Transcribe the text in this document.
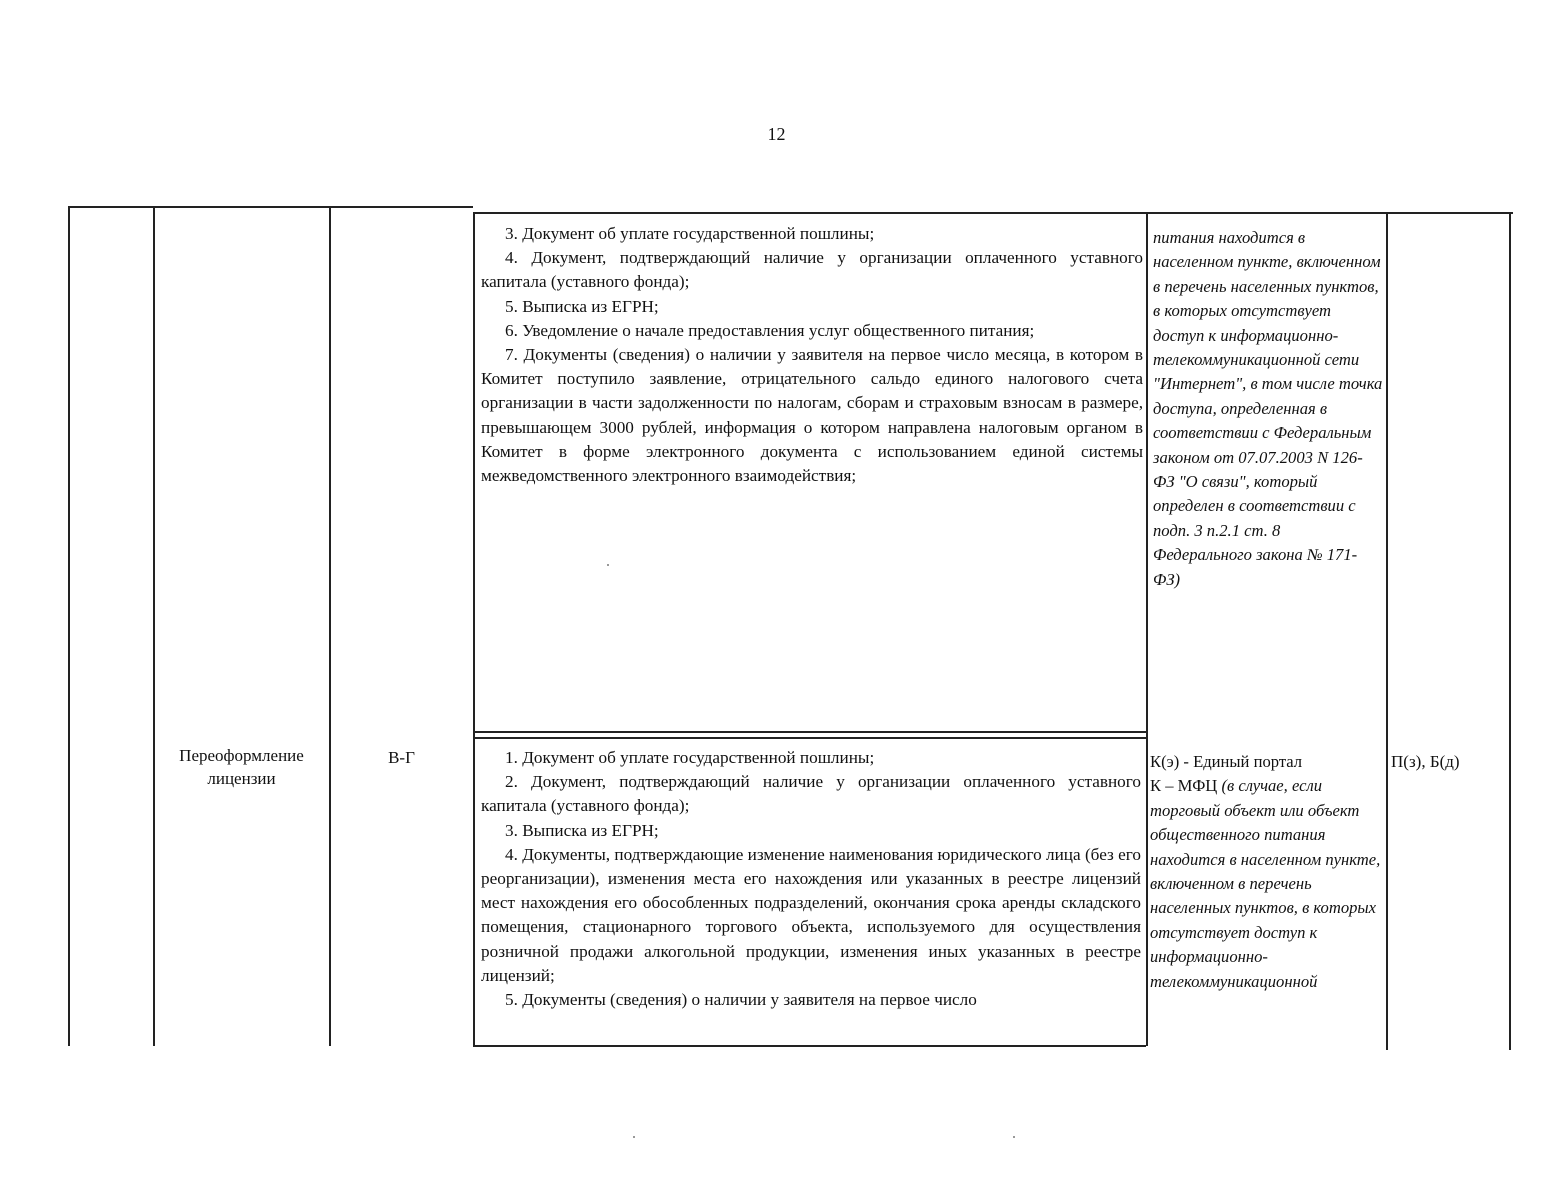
12

3. Документ об уплате государственной пошлины;

4. Документ, подтверждающий наличие у организации оплаченного уставного капитала (уставного фонда);

5. Выписка из ЕГРН;

6. Уведомление о начале предоставления услуг общественного питания;

7. Документы (сведения) о наличии у заявителя на первое число месяца, в котором в Комитет поступило заявление, отрицательного сальдо единого налогового счета организации в части задолженности по налогам, сборам и страховым взносам в размере, превышающем 3000 рублей, информация о котором направлена налоговым органом в Комитет в форме электронного документа с использованием единой системы межведомственного электронного взаимодействия;

питания находится в населенном пункте, включенном в перечень населенных пунктов, в которых отсутствует доступ к информационно-телекоммуникационной сети "Интернет", в том числе точка доступа, определенная в соответствии с Федеральным законом от 07.07.2003 N 126-ФЗ "О связи", который определен в соответствии с подп. 3 п.2.1 ст. 8 Федерального закона № 171-ФЗ)

Переоформление лицензии
В-Г	1. Документ об уплате государственной пошлины;

2. Документ, подтверждающий наличие у организации оплаченного уставного капитала (уставного фонда);

3. Выписка из ЕГРН;

4. Документы, подтверждающие изменение наименования юридического лица (без его реорганизации), изменения места его нахождения или указанных в реестре лицензий мест нахождения его обособленных подразделений, окончания срока аренды складского помещения, стационарного торгового объекта, используемого для осуществления розничной продажи алкогольной продукции, изменения иных указанных в реестре лицензий;

5. Документы (сведения) о наличии у заявителя на первое число

К(э) - Единый портал

К – МФЦ (в случае, если торговый объект или объект общественного питания находится в населенном пункте, включенном в перечень населенных пунктов, в которых отсутствует доступ к информационно-телекоммуникационной

П(з), Б(д)
